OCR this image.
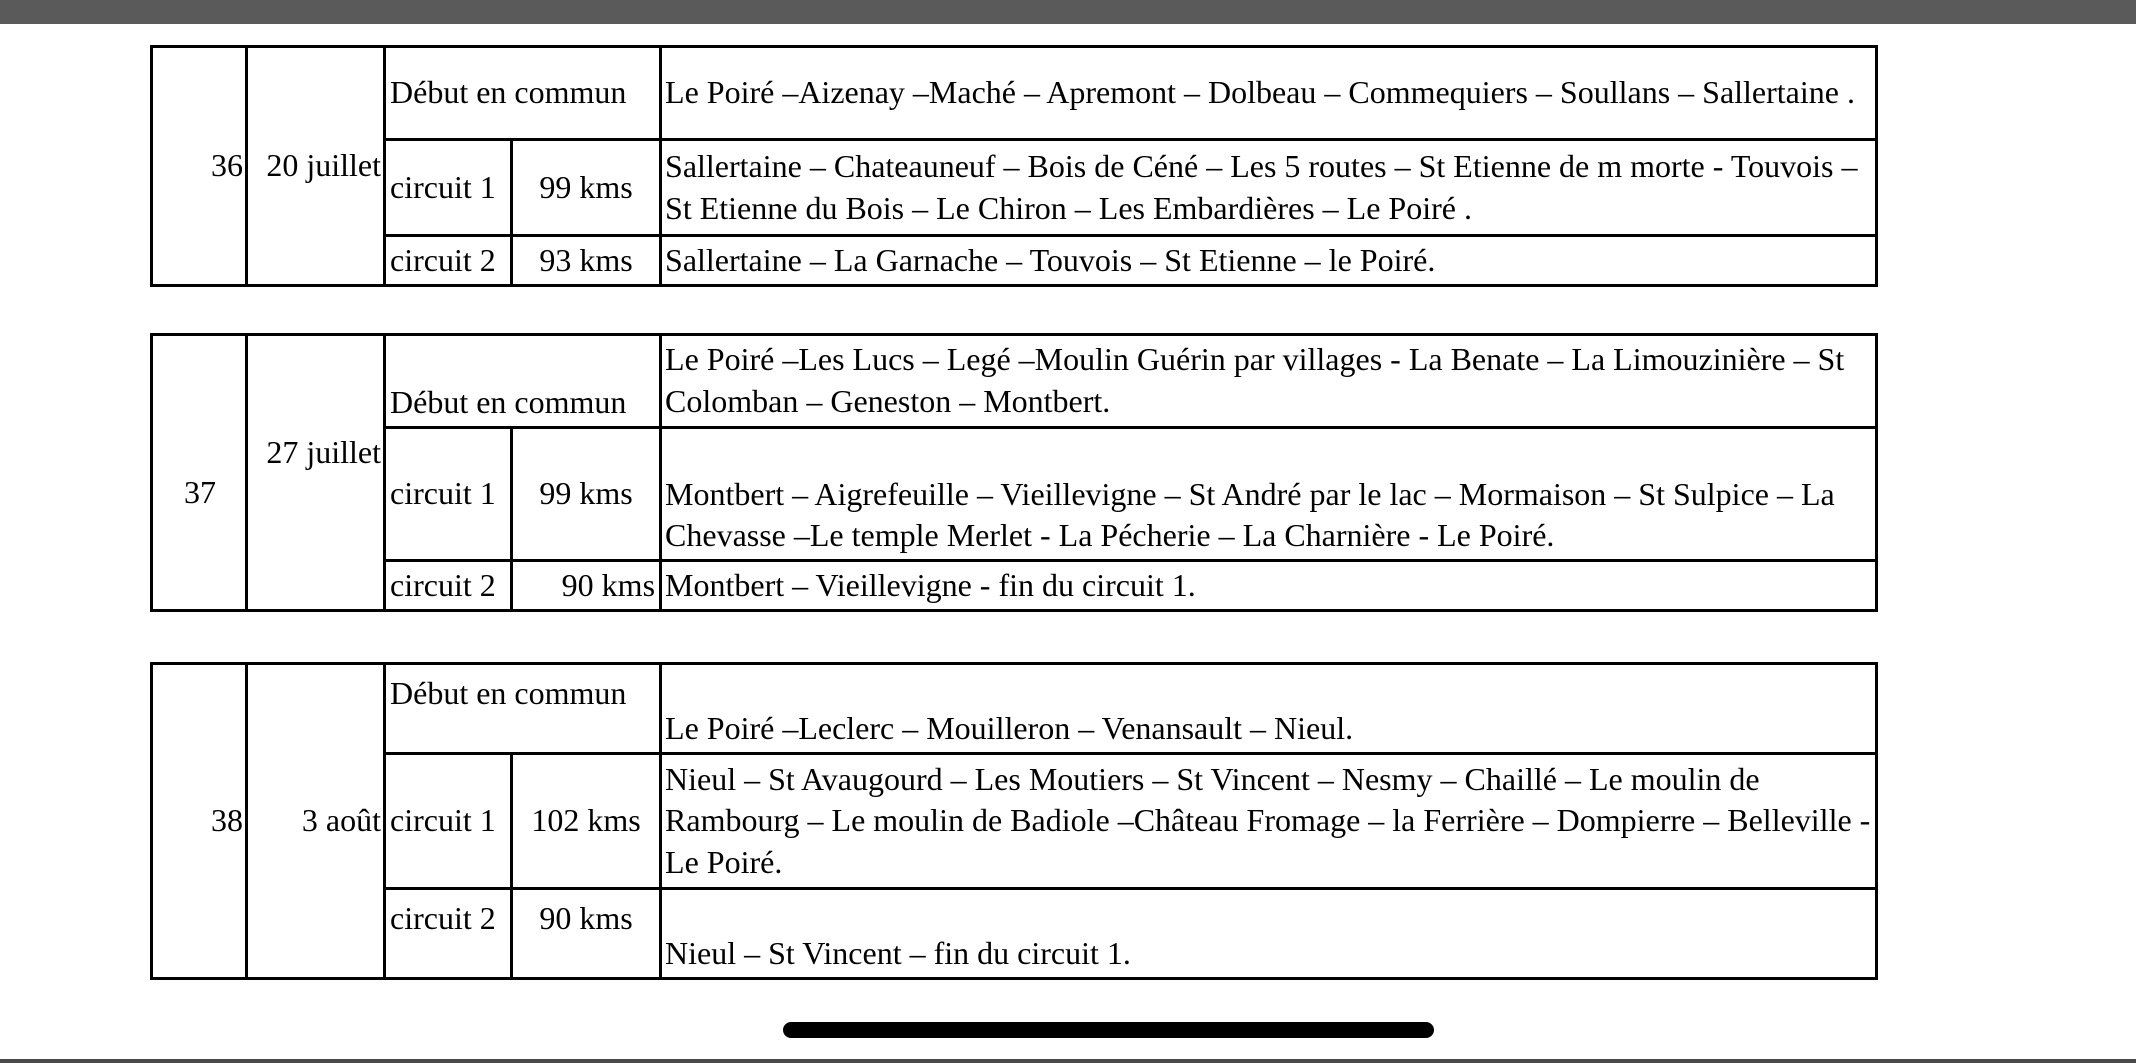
36	20 juillet	Début en commun		Le Poiré –Aizenay –Maché – Apremont – Dolbeau – Commequiers – Soullans – Sallertaine .
		circuit 1	99 kms	Sallertaine – Chateauneuf – Bois de Céné – Les 5 routes – St Etienne de m morte - Touvois – St Etienne du Bois – Le Chiron – Les Embardières – Le Poiré .
		circuit 2	93 kms	Sallertaine – La Garnache – Touvois – St Etienne – le Poiré.
37	27 juillet	Début en commun		Le Poiré –Les Lucs – Legé –Moulin Guérin par villages - La Benate – La Limouzinière – St Colomban – Geneston – Montbert.
		circuit 1	99 kms	Montbert – Aigrefeuille – Vieillevigne – St André par le lac – Mormaison – St Sulpice – La Chevasse –Le temple Merlet - La Pécherie – La Charnière - Le Poiré.
		circuit 2	90 kms	Montbert – Vieillevigne - fin du circuit 1.
38	3 août	Début en commun		Le Poiré –Leclerc – Mouilleron – Venansault – Nieul.
		circuit 1	102 kms	Nieul – St Avaugourd – Les Moutiers – St Vincent – Nesmy – Chaillé – Le moulin de Rambourg – Le moulin de Badiole –Château Fromage – la Ferrière – Dompierre – Belleville -Le Poiré.
		circuit 2	90 kms	Nieul – St Vincent – fin du circuit 1.
